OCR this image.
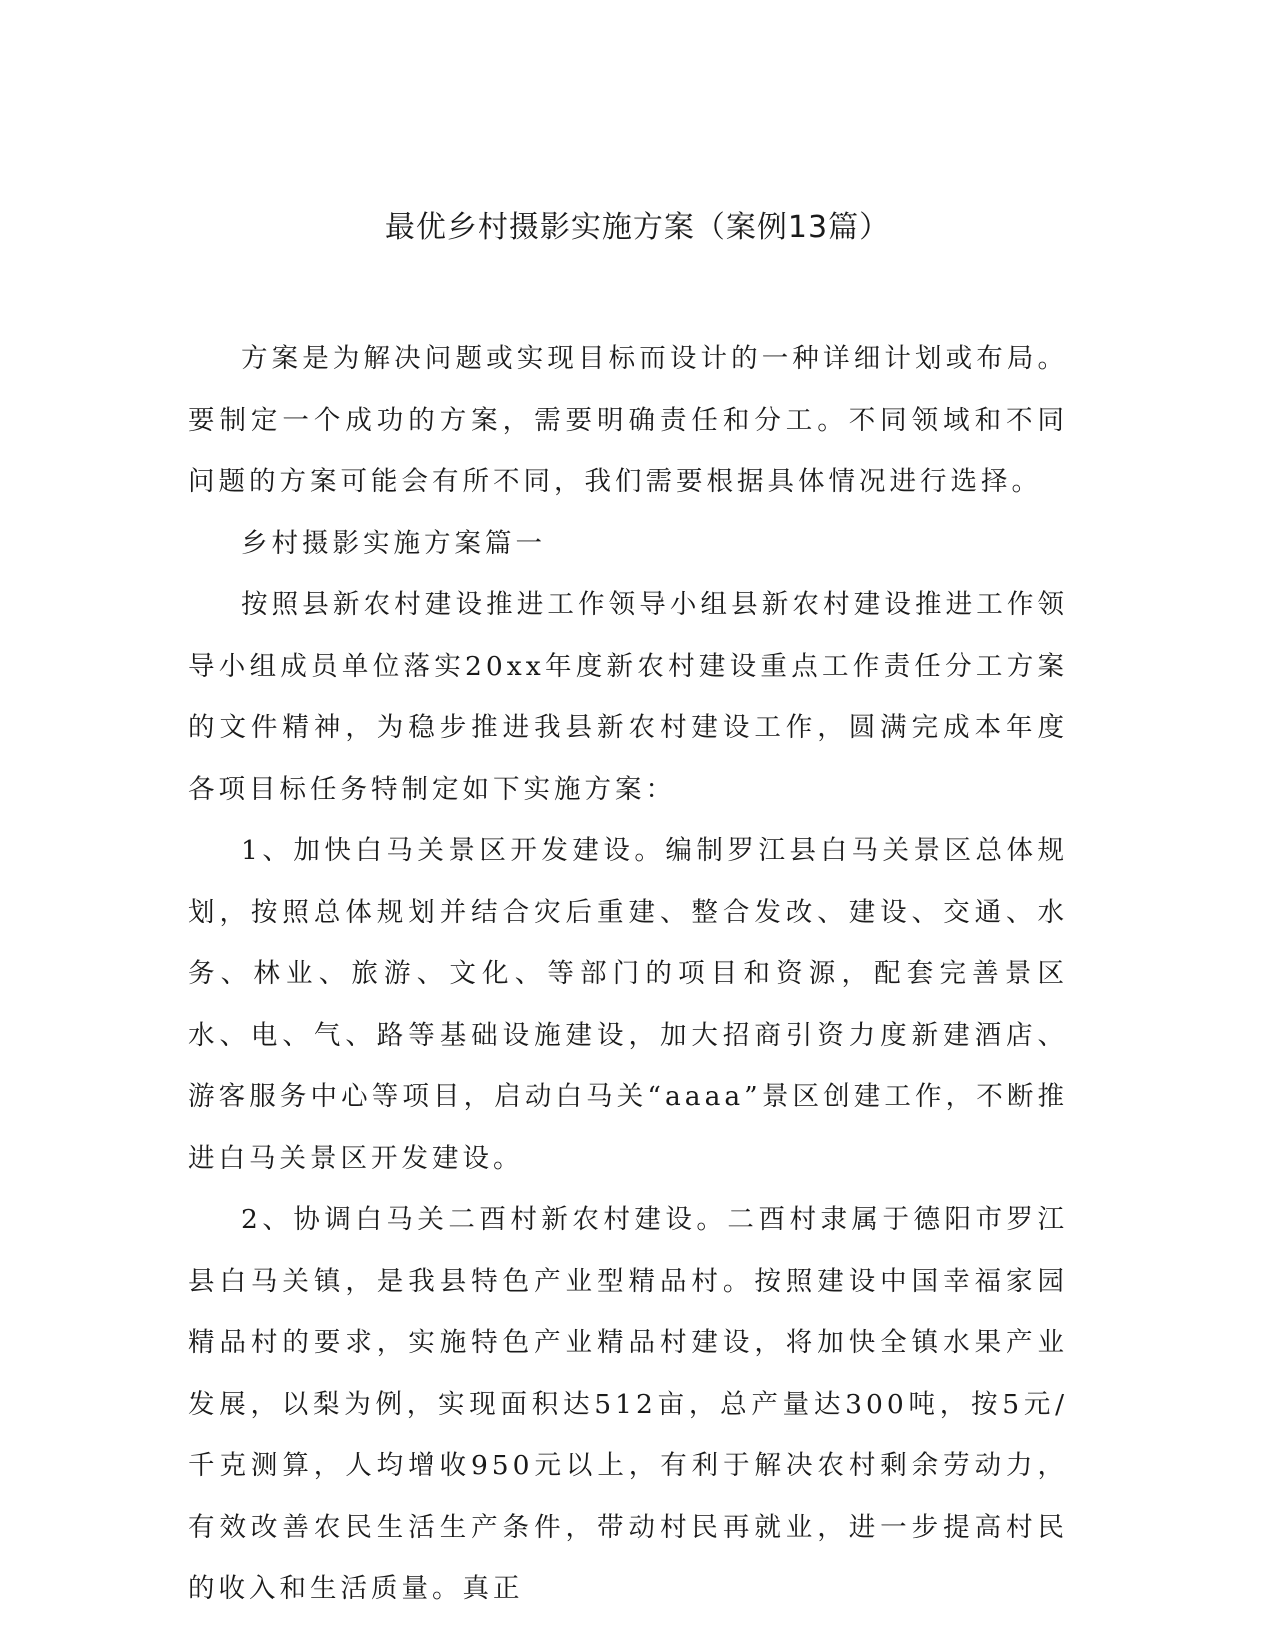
最优乡村摄影实施方案（案例13篇）

方案是为解决问题或实现目标而设计的一种详细计划或布局。要制定一个成功的方案，需要明确责任和分工。不同领域和不同问题的方案可能会有所不同，我们需要根据具体情况进行选择。

乡村摄影实施方案篇一

按照县新农村建设推进工作领导小组县新农村建设推进工作领导小组成员单位落实20xx年度新农村建设重点工作责任分工方案的文件精神，为稳步推进我县新农村建设工作，圆满完成本年度各项目标任务特制定如下实施方案：

1、加快白马关景区开发建设。编制罗江县白马关景区总体规划，按照总体规划并结合灾后重建、整合发改、建设、交通、水务、林业、旅游、文化、等部门的项目和资源，配套完善景区水、电、气、路等基础设施建设，加大招商引资力度新建酒店、游客服务中心等项目，启动白马关“aaaa”景区创建工作，不断推进白马关景区开发建设。

2、协调白马关二酉村新农村建设。二酉村隶属于德阳市罗江县白马关镇，是我县特色产业型精品村。按照建设中国幸福家园精品村的要求，实施特色产业精品村建设，将加快全镇水果产业发展，以梨为例，实现面积达512亩，总产量达300吨，按5元/千克测算，人均增收950元以上，有利于解决农村剩余劳动力，有效改善农民生活生产条件，带动村民再就业，进一步提高村民的收入和生活质量。真正
